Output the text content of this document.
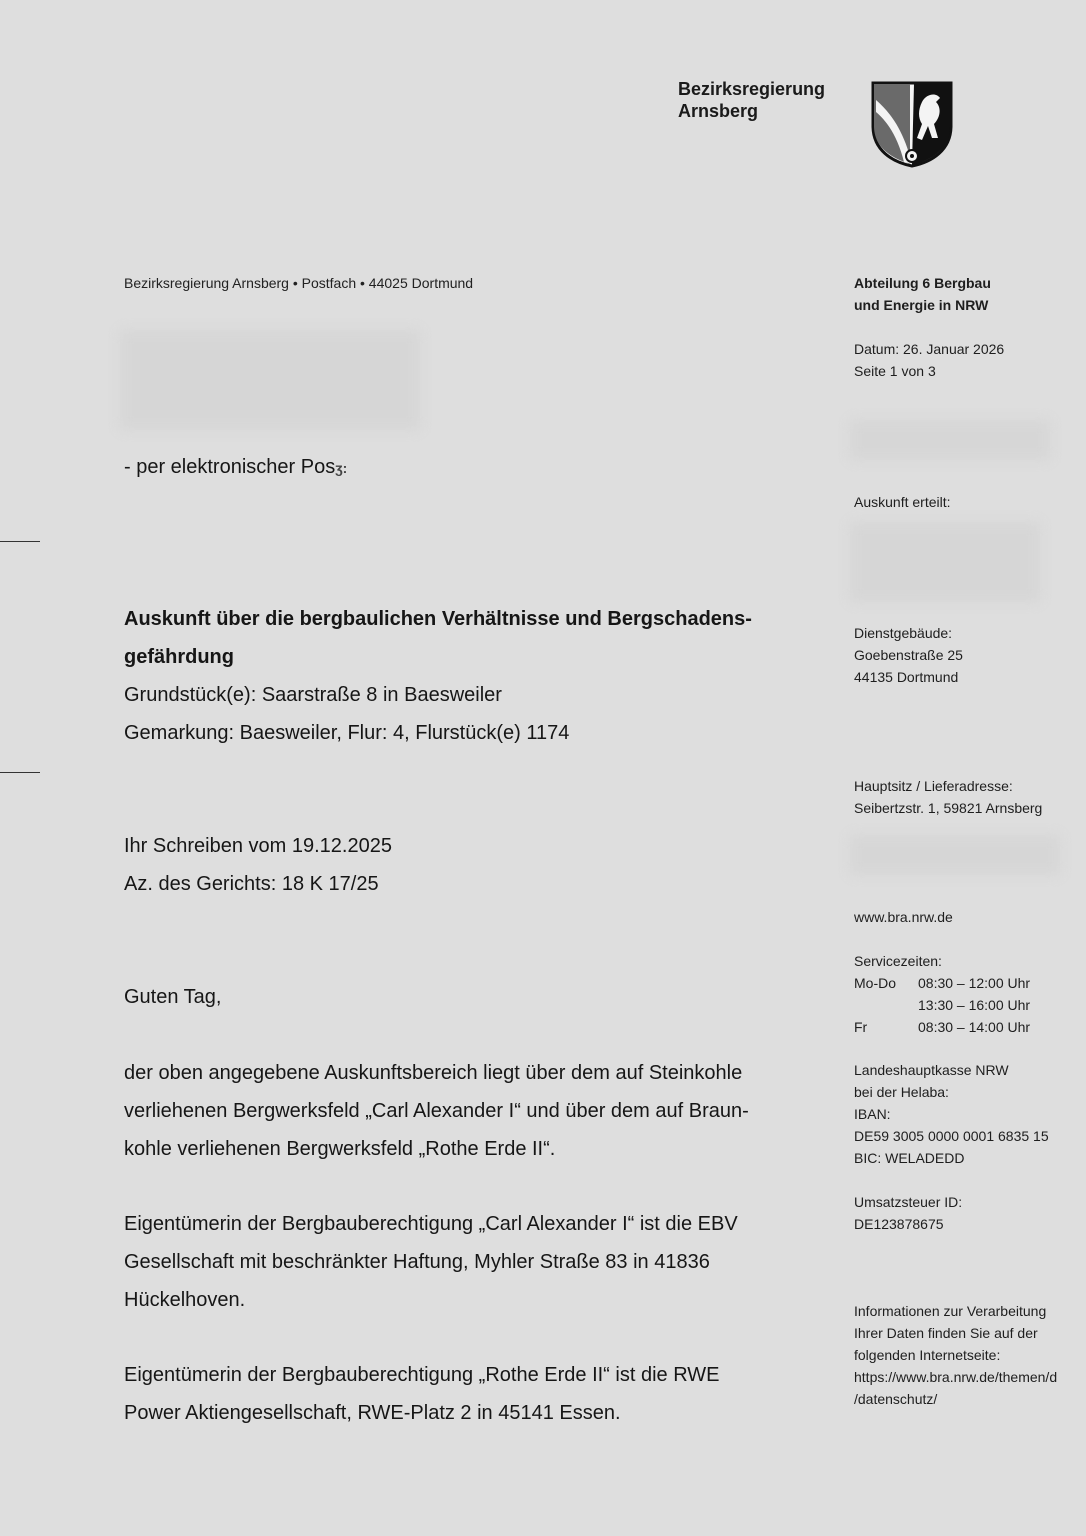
Bezirksregierung
Arnsberg
Bezirksregierung Arnsberg • Postfach • 44025 Dortmund
- per elektronischer Posʒ:
Auskunft über die bergbaulichen Verhältnisse und Bergschadens-
gefährdung
Grundstück(e): Saarstraße 8 in Baesweiler
Gemarkung: Baesweiler, Flur: 4, Flurstück(e) 1174
Ihr Schreiben vom 19.12.2025
Az. des Gerichts: 18 K 17/25
Guten Tag,
der oben angegebene Auskunftsbereich liegt über dem auf Steinkohle
verliehenen Bergwerksfeld „Carl Alexander I“ und über dem auf Braun-
kohle verliehenen Bergwerksfeld „Rothe Erde II“.
Eigentümerin der Bergbauberechtigung „Carl Alexander I“ ist die EBV
Gesellschaft mit beschränkter Haftung, Myhler Straße 83 in 41836
Hückelhoven.
Eigentümerin der Bergbauberechtigung „Rothe Erde II“ ist die RWE
Power Aktiengesellschaft, RWE-Platz 2 in 45141 Essen.
Abteilung 6 Bergbau
und Energie in NRW
Datum: 26. Januar 2026
Seite 1 von 3
Auskunft erteilt:
Dienstgebäude:
Goebenstraße 25
44135 Dortmund
Hauptsitz / Lieferadresse:
Seibertzstr. 1, 59821 Arnsberg
www.bra.nrw.de
Servicezeiten:
Mo-Do	08:30 – 12:00 Uhr
13:30 – 16:00 Uhr
Fr	08:30 – 14:00 Uhr
Landeshauptkasse NRW
bei der Helaba:
IBAN:
DE59 3005 0000 0001 6835 15
BIC: WELADEDD
Umsatzsteuer ID:
DE123878675
Informationen zur Verarbeitung
Ihrer Daten finden Sie auf der
folgenden Internetseite:
https://www.bra.nrw.de/themen/d
/datenschutz/
